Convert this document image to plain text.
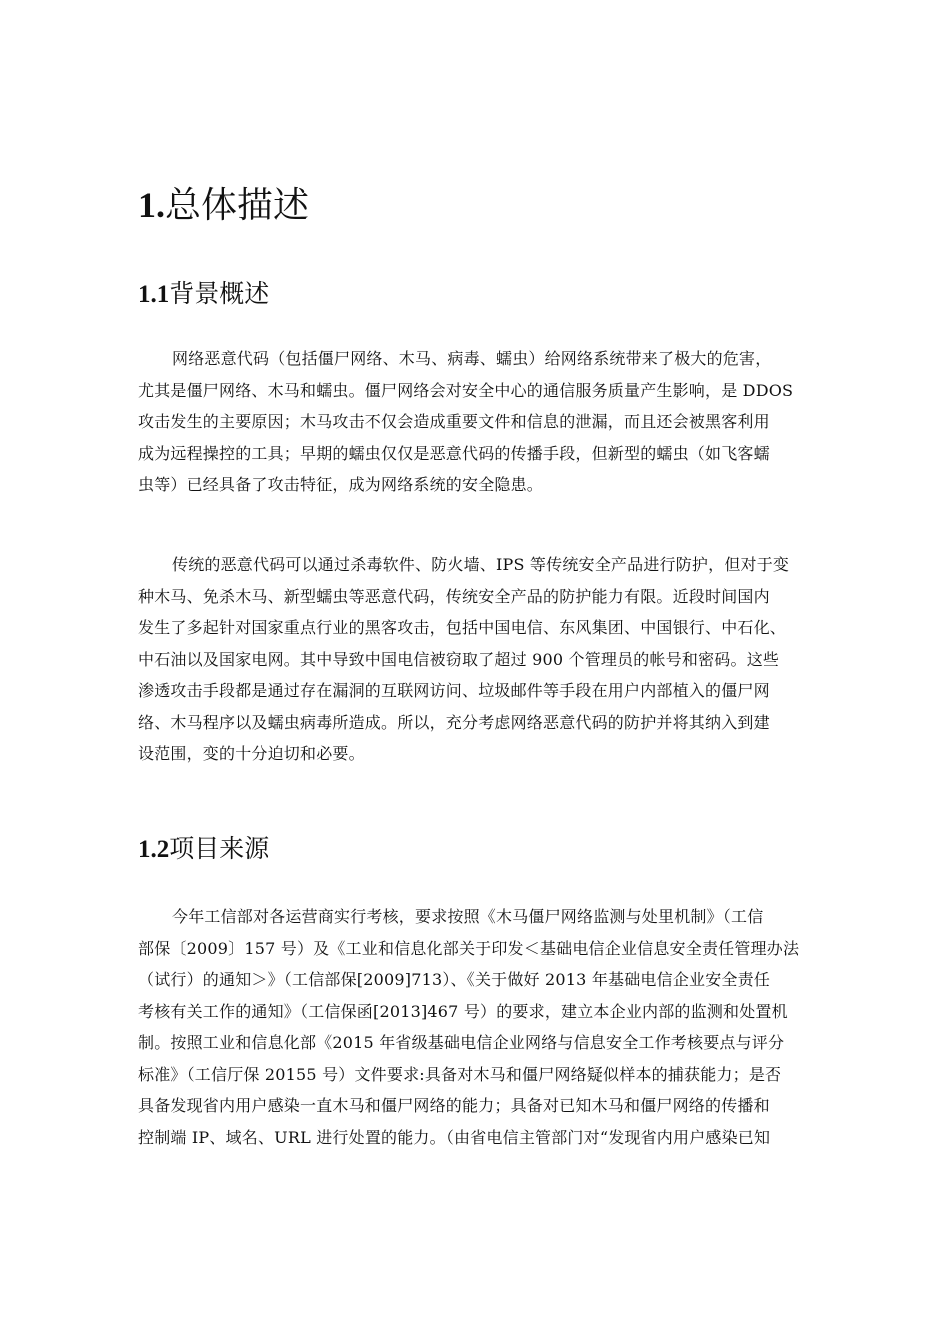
1.总体描述
1.1背景概述
网络恶意代码（包括僵尸网络、木马、病毒、蠕虫）给网络系统带来了极大的危害，
尤其是僵尸网络、木马和蠕虫。僵尸网络会对安全中心的通信服务质量产生影响，是 DDOS
攻击发生的主要原因；木马攻击不仅会造成重要文件和信息的泄漏，而且还会被黑客利用
成为远程操控的工具；早期的蠕虫仅仅是恶意代码的传播手段，但新型的蠕虫（如飞客蠕
虫等）已经具备了攻击特征，成为网络系统的安全隐患。
传统的恶意代码可以通过杀毒软件、防火墙、IPS 等传统安全产品进行防护，但对于变
种木马、免杀木马、新型蠕虫等恶意代码，传统安全产品的防护能力有限。近段时间国内
发生了多起针对国家重点行业的黑客攻击，包括中国电信、东风集团、中国银行、中石化、
中石油以及国家电网。其中导致中国电信被窃取了超过 900 个管理员的帐号和密码。这些
渗透攻击手段都是通过存在漏洞的互联网访问、垃圾邮件等手段在用户内部植入的僵尸网
络、木马程序以及蠕虫病毒所造成。所以，充分考虑网络恶意代码的防护并将其纳入到建
设范围，变的十分迫切和必要。
1.2项目来源
今年工信部对各运营商实行考核，要求按照《木马僵尸网络监测与处里机制》（工信
部保〔2009〕157 号）及《工业和信息化部关于印发＜基础电信企业信息安全责任管理办法
（试行）的通知＞》（工信部保[2009]713）、《关于做好 2013 年基础电信企业安全责任
考核有关工作的通知》（工信保函[2013]467 号）的要求，建立本企业内部的监测和处置机
制。按照工业和信息化部《2015 年省级基础电信企业网络与信息安全工作考核要点与评分
标准》（工信厅保 20155 号）文件要求:具备对木马和僵尸网络疑似样本的捕获能力；是否
具备发现省内用户感染一直木马和僵尸网络的能力；具备对已知木马和僵尸网络的传播和
控制端 IP、域名、URL 进行处置的能力。（由省电信主管部门对“发现省内用户感染已知
